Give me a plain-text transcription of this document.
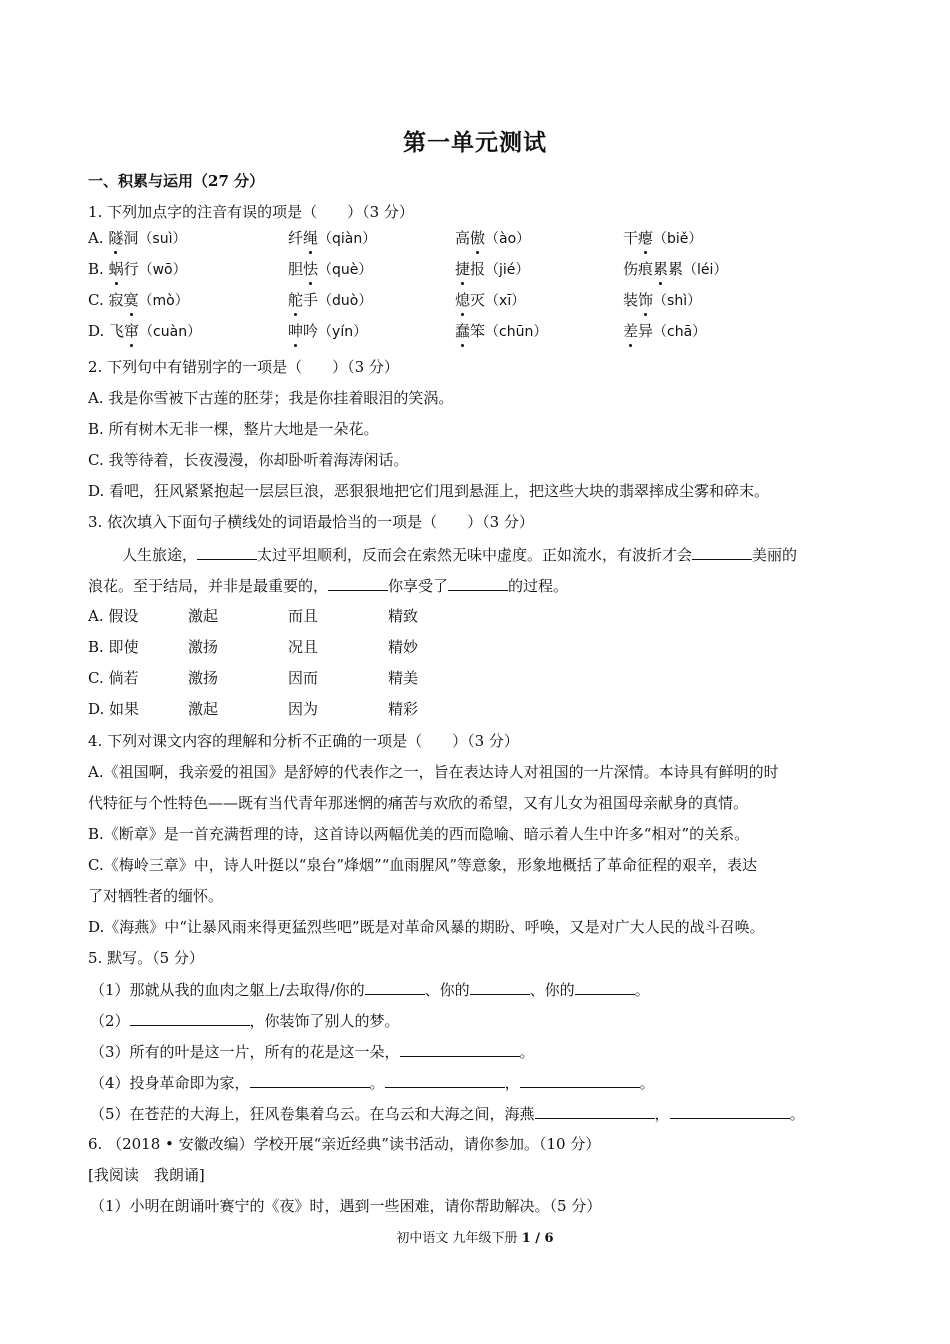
第一单元测试
一、积累与运用（27 分）
1. 下列加点字的注音有误的项是（　　）（3 分）
A. 隧洞（suì）	纤绳（qiàn）	高傲（ào）	干瘪（biě）
B. 蜗行（wō）	胆怯（què）	捷报（jié）	伤痕累累（léi）
C. 寂寞（mò）	舵手（duò）	熄灭（xī）	装饰（shì）
D. 飞窜（cuàn）	呻吟（yín）	蠢笨（chūn）	差异（chā）
2. 下列句中有错别字的一项是（　　）（3 分）
A. 我是你雪被下古莲的胚芽；我是你挂着眼泪的笑涡。
B. 所有树木无非一棵，整片大地是一朵花。
C. 我等待着，长夜漫漫，你却卧听着海涛闲话。
D. 看吧，狂风紧紧抱起一层层巨浪，恶狠狠地把它们甩到悬涯上，把这些大块的翡翠摔成尘雾和碎末。
3. 依次填入下面句子横线处的词语最恰当的一项是（　　）（3 分）
人生旅途，	太过平坦顺利，反而会在索然无味中虚度。正如流水，有波折才会	美丽的
浪花。至于结局，并非是最重要的，	你享受了	的过程。
A. 假设	激起	而且	精致
B. 即使	激扬	况且	精妙
C. 倘若	激扬	因而	精美
D. 如果	激起	因为	精彩
4. 下列对课文内容的理解和分析不正确的一项是（　　）（3 分）
A.《祖国啊，我亲爱的祖国》是舒婷的代表作之一，旨在表达诗人对祖国的一片深情。本诗具有鲜明的时
代特征与个性特色——既有当代青年那迷惘的痛苦与欢欣的希望，又有儿女为祖国母亲献身的真情。
B.《断章》是一首充满哲理的诗，这首诗以两幅优美的西而隐喻、暗示着人生中许多“相对”的关系。
C.《梅岭三章》中，诗人叶挺以“泉台”烽烟”“血雨腥风”等意象，形象地概括了革命征程的艰辛，表达
了对牺牲者的缅怀。
D.《海燕》中“让暴风雨来得更猛烈些吧”既是对革命风暴的期盼、呼唤，又是对广大人民的战斗召唤。
5. 默写。（5 分）
（1）那就从我的血肉之躯上/去取得/你的	、你的	、你的	。
（2）	，你装饰了别人的梦。
（3）所有的叶是这一片，所有的花是这一朵，	。
（4）投身革命即为家，	。	，	。
（5）在苍茫的大海上，狂风卷集着乌云。在乌云和大海之间，海燕	，	。
6. （2018 • 安徽改编）学校开展“亲近经典”读书活动，请你参加。（10 分）
[我阅读　我朗诵]
（1）小明在朗诵叶赛宁的《夜》时，遇到一些困难，请你帮助解决。（5 分）
初中语文 九年级下册 1 / 6
